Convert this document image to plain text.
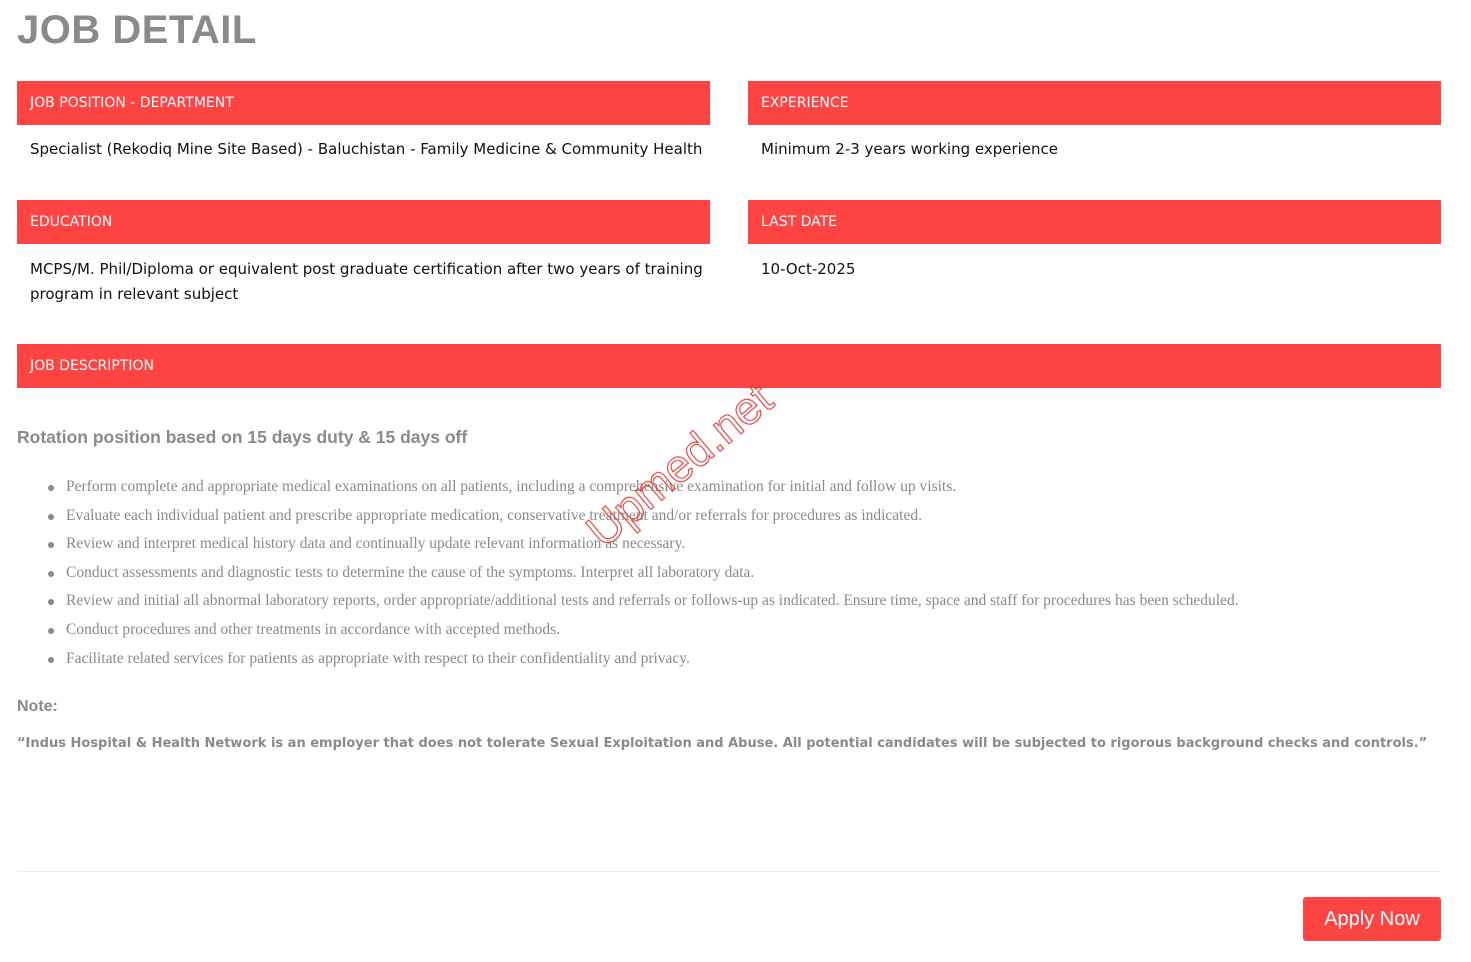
JOB DETAIL
JOB POSITION - DEPARTMENT
Specialist (Rekodiq Mine Site Based) - Baluchistan - Family Medicine & Community Health
EXPERIENCE
Minimum 2-3 years working experience
EDUCATION
MCPS/M. Phil/Diploma or equivalent post graduate certification after two years of training program in relevant subject
LAST DATE
10-Oct-2025
JOB DESCRIPTION
Rotation position based on 15 days duty & 15 days off
Perform complete and appropriate medical examinations on all patients, including a comprehensive examination for initial and follow up visits.
Evaluate each individual patient and prescribe appropriate medication, conservative treatment and/or referrals for procedures as indicated.
Review and interpret medical history data and continually update relevant information as necessary.
Conduct assessments and diagnostic tests to determine the cause of the symptoms. Interpret all laboratory data.
Review and initial all abnormal laboratory reports, order appropriate/additional tests and referrals or follows-up as indicated. Ensure time, space and staff for procedures has been scheduled.
Conduct procedures and other treatments in accordance with accepted methods.
Facilitate related services for patients as appropriate with respect to their confidentiality and privacy.
Note:

“Indus Hospital & Health Network is an employer that does not tolerate Sexual Exploitation and Abuse. All potential candidates will be subjected to rigorous background checks and controls.”

Apply Now
Upmed.net
